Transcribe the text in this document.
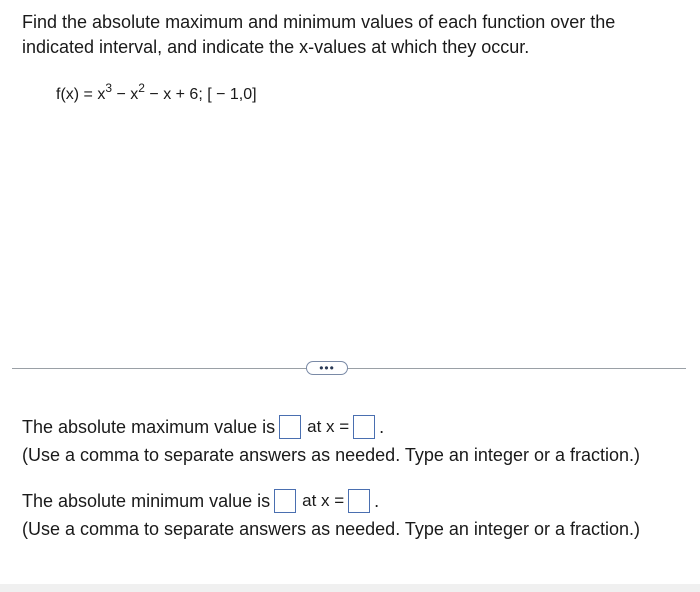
Find the absolute maximum and minimum values of each function over the indicated interval, and indicate the x-values at which they occur.
$f(x) = x^3 - x^2 - x + 6$; [ − 1,0]
•••
The absolute maximum value is at x = .
(Use a comma to separate answers as needed. Type an integer or a fraction.)
The absolute minimum value is at x = .
(Use a comma to separate answers as needed. Type an integer or a fraction.)
